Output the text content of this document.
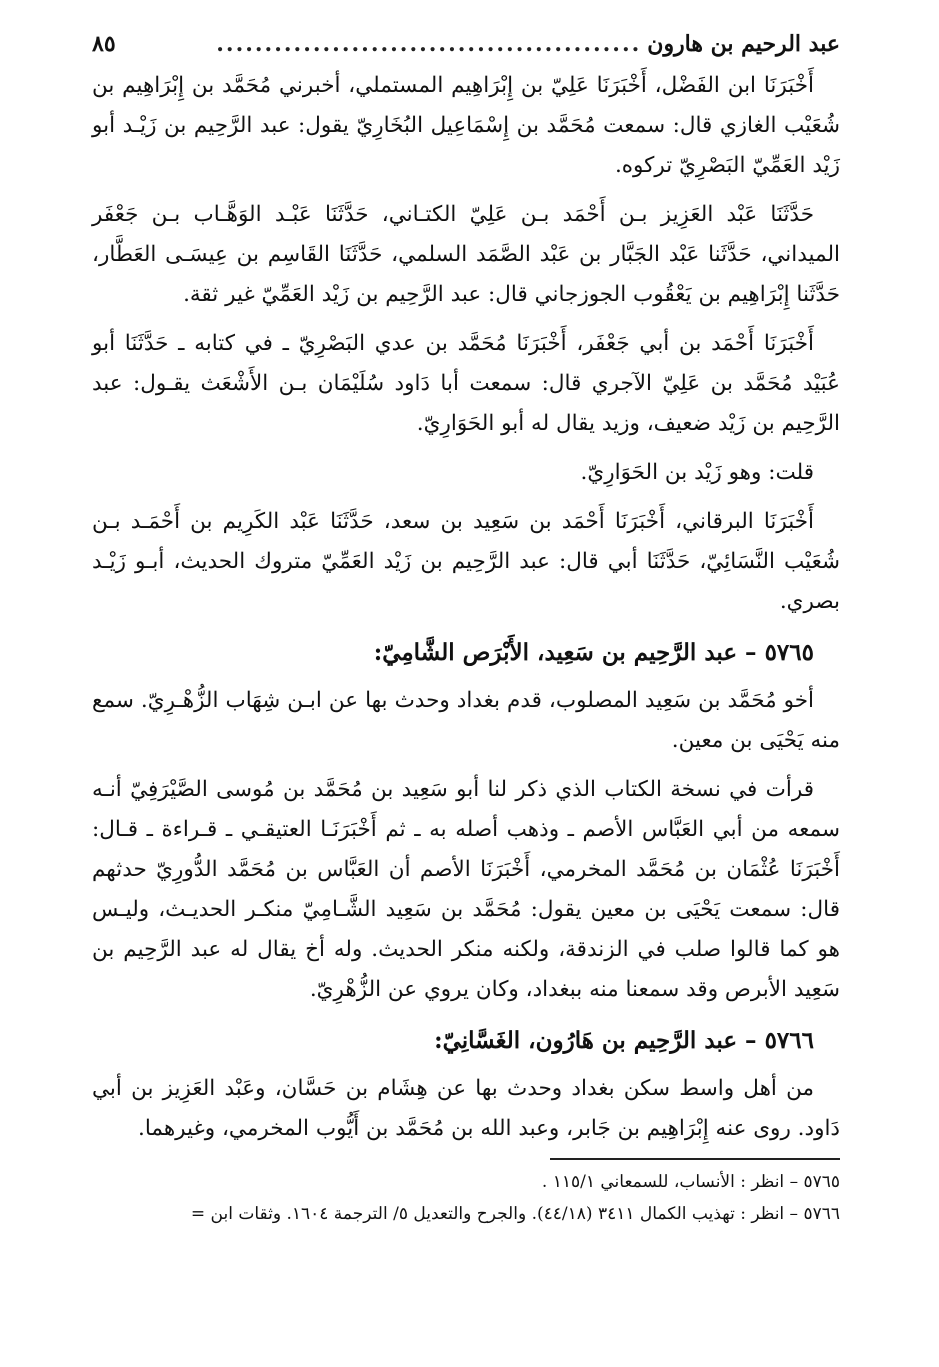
عبد الرحيم بن هارون
............................................
٨٥

أَخْبَرَنَا ابن الفَضْل، أَخْبَرَنَا عَلِيّ بن إِبْرَاهِيم المستملي، أخبرني مُحَمَّد بن إِبْرَاهِيم بن شُعَيْب الغازي قال: سمعت مُحَمَّد بن إِسْمَاعِيل البُخَارِيّ يقول: عبد الرَّحِيم بن زَيْـد أبو زَيْد العَمِّيّ البَصْرِيّ تركوه.

حَدَّثَنَا عَبْد العَزِيز بـن أَحْمَد بـن عَلِيّ الكتـاني، حَدَّثَنَا عَبْـد الوَهَّـاب بـن جَعْفَر الميداني، حَدَّثَنا عَبْد الجَبَّار بن عَبْد الصَّمَد السلمي، حَدَّثَنَا القَاسِم بن عِيسَـى العَطَّار، حَدَّثَنا إِبْرَاهِيم بن يَعْقُوب الجوزجاني قال: عبد الرَّحِيم بن زَيْد العَمِّيّ غير ثقة.

أَخْبَرَنَا أَحْمَد بن أبي جَعْفَر، أَخْبَرَنَا مُحَمَّد بن عدي البَصْرِيّ ـ في كتابه ـ حَدَّثَنَا أبو عُبَيْد مُحَمَّد بن عَلِيّ الآجري قال: سمعت أبا دَاود سُلَيْمَان بـن الأَشْعَث يقـول: عبد الرَّحِيم بن زَيْد ضعيف، وزيد يقال له أبو الحَوَارِيّ.

قلت: وهو زَيْد بن الحَوَارِيّ.

أَخْبَرَنَا البرقاني، أَخْبَرَنَا أَحْمَد بن سَعِيد بن سعد، حَدَّثَنَا عَبْد الكَرِيم بن أَحْمَـد بـن شُعَيْب النَّسَائِيّ، حَدَّثَنَا أبي قال: عبد الرَّحِيم بن زَيْد العَمِّيّ متروك الحديث، أبـو زَيْـد بصري.

٥٧٦٥ – عبد الرَّحِيم بن سَعِيد، الأَبْرَص الشَّامِيّ:

أخو مُحَمَّد بن سَعِيد المصلوب، قدم بغداد وحدث بها عن ابـن شِهَاب الزُّهْـرِيّ. سمع منه يَحْيَى بن معين.

قرأت في نسخة الكتاب الذي ذكر لنا أبو سَعِيد بن مُحَمَّد بن مُوسى الصَّيْرَفِيّ أنـه سمعه من أبي العَبَّاس الأصم ـ وذهب أصله به ـ ثم أَخْبَرَنَـا العتيقـي ـ قـراءة ـ قـال: أَخْبَرَنَا عُثْمَان بن مُحَمَّد المخرمي، أَخْبَرَنَا الأصم أن العَبَّاس بن مُحَمَّد الدُّورِيّ حدثهم قال: سمعت يَحْيَى بن معين يقول: مُحَمَّد بن سَعِيد الشَّـامِيّ منكـر الحديـث، وليـس هو كما قالوا صلب في الزندقة، ولكنه منكر الحديث. وله أخ يقال له عبد الرَّحِيم بن سَعِيد الأبرص وقد سمعنا منه ببغداد، وكان يروي عن الزُّهْرِيّ.

٥٧٦٦ – عبد الرَّحِيم بن هَارُون، الغَسَّانِيّ:

من أهل واسط سكن بغداد وحدث بها عن هِشَام بن حَسَّان، وعَبْد العَزِيز بن أبي دَاود. روى عنه إِبْرَاهِيم بن جَابر، وعبد الله بن مُحَمَّد بن أَيُّوب المخرمي، وغيرهما.

٥٧٦٥ – انظر : الأنساب، للسمعاني ١١٥/١ .

٥٧٦٦ – انظر : تهذيب الكمال ٣٤١١ (٤٤/١٨). والجرح والتعديل ٥/ الترجمة ١٦٠٤. وثقات ابن =
